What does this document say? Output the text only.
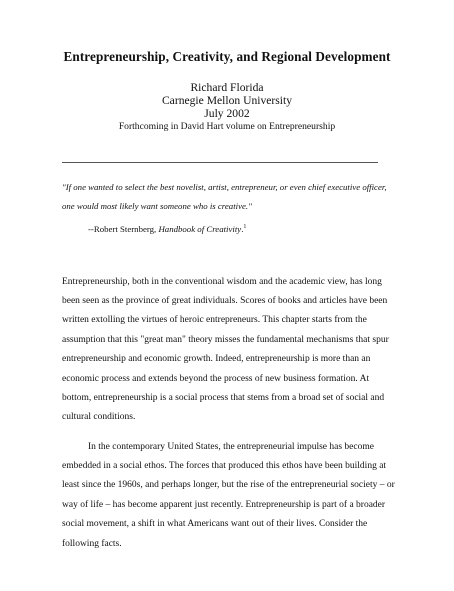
Entrepreneurship, Creativity, and Regional Development
Richard Florida
Carnegie Mellon University
July 2002
Forthcoming in David Hart volume on Entrepreneurship
"If one wanted to select the best novelist, artist, entrepreneur, or even chief executive officer, one would most likely want someone who is creative."
--Robert Sternberg, Handbook of Creativity.$^1$

Entrepreneurship, both in the conventional wisdom and the academic view, has long been seen as the province of great individuals. Scores of books and articles have been written extolling the virtues of heroic entrepreneurs. This chapter starts from the assumption that this "great man" theory misses the fundamental mechanisms that spur entrepreneurship and economic growth. Indeed, entrepreneurship is more than an economic process and extends beyond the process of new business formation. At bottom, entrepreneurship is a social process that stems from a broad set of social and cultural conditions.

In the contemporary United States, the entrepreneurial impulse has become embedded in a social ethos. The forces that produced this ethos have been building at least since the 1960s, and perhaps longer, but the rise of the entrepreneurial society – or way of life – has become apparent just recently. Entrepreneurship is part of a broader social movement, a shift in what Americans want out of their lives. Consider the following facts.
